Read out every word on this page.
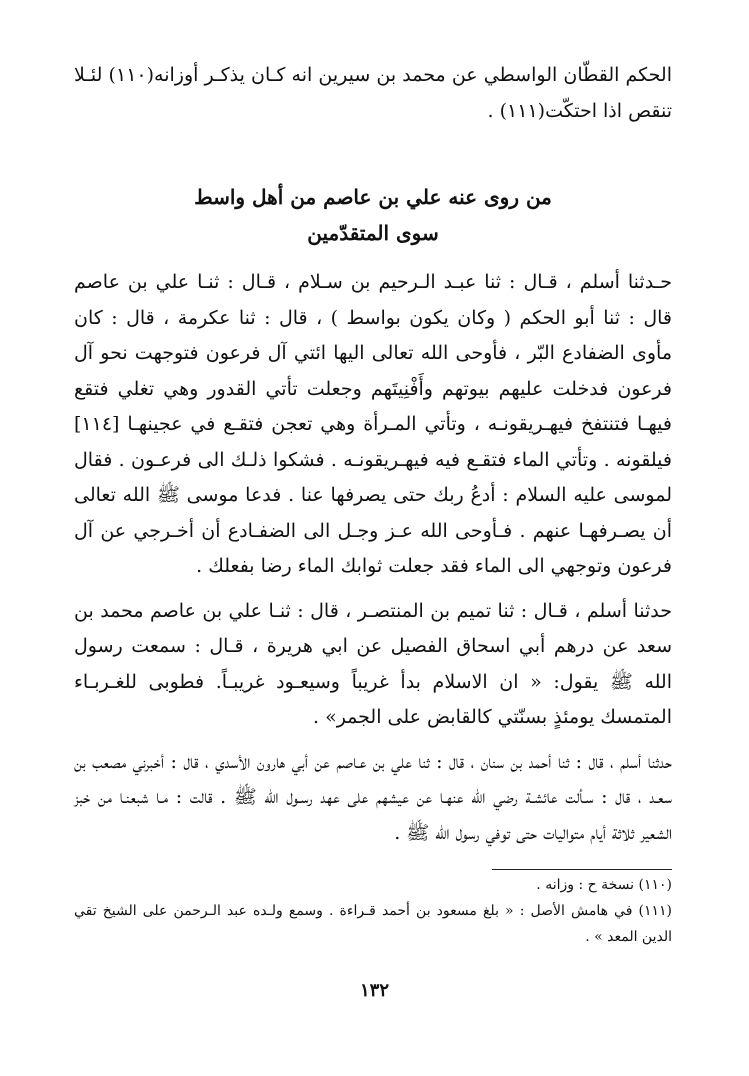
الحكم القطّان الواسطي عن محمد بن سيرين انه كـان يذكـر أوزانه(١١٠) لئـلا تنقص اذا احتكّت(١١١) .

من روى عنه علي بن عاصم من أهل واسط
سوى المتقدّمين

حـدثنا أسلم ، قـال : ثنا عبـد الـرحيم بن سـلام ، قـال : ثنـا علي بن عاصم قال : ثنا أبو الحكم ( وكان يكون بواسط ) ، قال : ثنا عكرمة ، قال : كان مأوى الضفادع البّر ، فأوحى الله تعالى اليها ائتي آل فرعون فتوجهت نحو آل فرعون فدخلت عليهم بيوتهم وأَفْنِيتَهم وجعلت تأتي القدور وهي تغلي فتقع فيهـا فتنتفخ فيهـريقونـه ، وتأتي المـرأة وهي تعجن فتقـع في عجينهـا [١١٤] فيلقونه . وتأتي الماء فتقـع فيه فيهـريقونـه . فشكوا ذلـك الى فرعـون . فقال لموسى عليه السلام : أدعُ ربك حتى يصرفها عنا . فدعا موسى ﷺ الله تعالى أن يصـرفهـا عنهم . فـأوحى الله عـز وجـل الى الضفـادع أن أخـرجي عن آل فرعون وتوجهي الى الماء فقد جعلت ثوابك الماء رضا بفعلك .

حدثنا أسلم ، قـال : ثنا تميم بن المنتصـر ، قال : ثنـا علي بن عاصم محمد بن سعد عن درهم أبي اسحاق الفصيل عن ابي هريرة ، قـال : سمعت رسول الله ﷺ يقول: « ان الاسلام بدأ غريباً وسيعـود غريبـاً. فطوبى للغـربـاء المتمسك يومئذٍ بسنّتي كالقابض على الجمر» .

حدثنا أسلم ، قال : ثنا أحمد بن سنان ، قال : ثنا علي بن عـاصم عن أبي هارون الأسدي ، قال : أخبرني مصعب بن سعـد ، قال : سـألت عائشـة رضي الله عنهـا عن عيشهم على عهد رسـول الله ﷺ . قالت : مـا شبعنـا من خبز الشعير ثلاثة أيام متواليات حتى توفي رسول الله ﷺ .

(١١٠) نسخة ح : وزانه .

(١١١) في هامش الأصل : « بلغ مسعود بن أحمد قـراءة . وسمع ولـده عبد الـرحمن على الشيخ تقي الدين المعد » .

١٣٢
